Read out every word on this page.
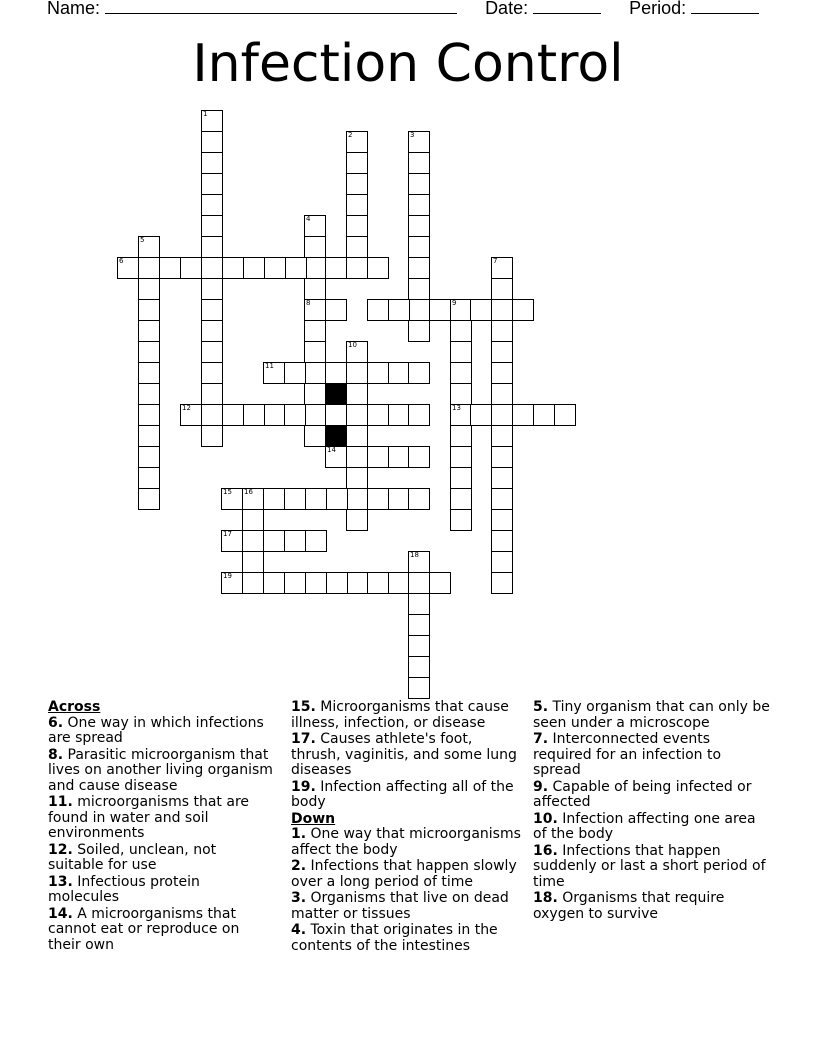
Name:	Date:	Period:
Infection Control
1
2	3
4
5
6	7
8	9
10
11
12	13
14
15 16
17
18
19
Across
6. One way in which infections are spread
8. Parasitic microorganism that lives on another living organism and cause disease
11. microorganisms that are found in water and soil environments
12. Soiled, unclean, not suitable for use
13. Infectious protein molecules
14. A microorganisms that cannot eat or reproduce on their own
15. Microorganisms that cause illness, infection, or disease
17. Causes athlete's foot, thrush, vaginitis, and some lung diseases
19. Infection affecting all of the body
Down
1. One way that microorganisms affect the body
2. Infections that happen slowly over a long period of time
3. Organisms that live on dead matter or tissues
4. Toxin that originates in the contents of the intestines
5. Tiny organism that can only be seen under a microscope
7. Interconnected events required for an infection to spread
9. Capable of being infected or affected
10. Infection affecting one area of the body
16. Infections that happen suddenly or last a short period of time
18. Organisms that require oxygen to survive
